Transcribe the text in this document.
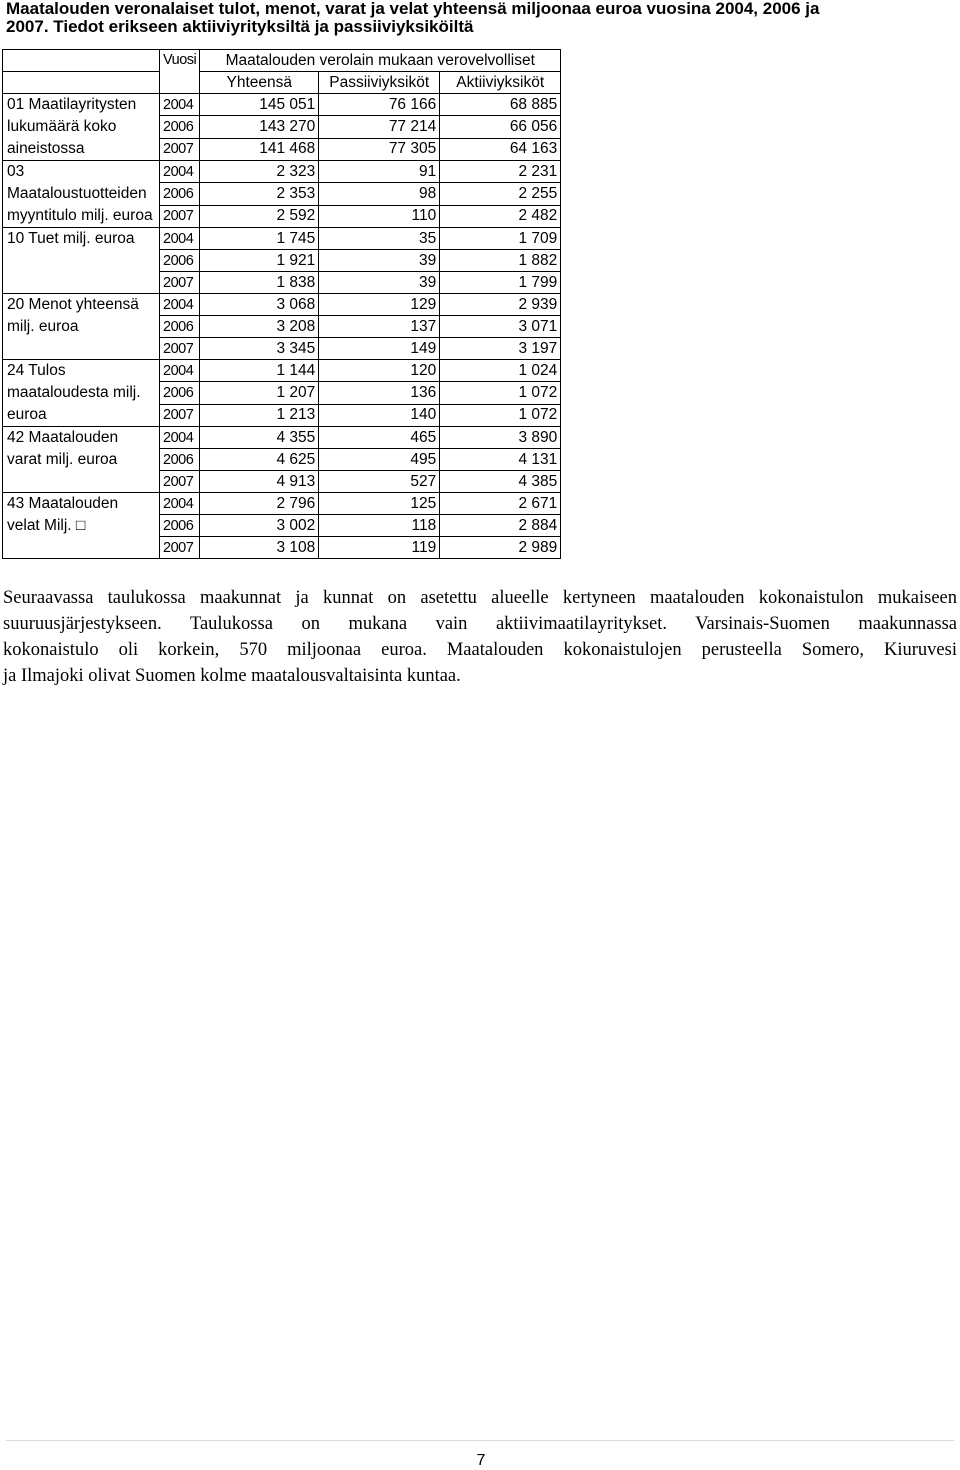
Maatalouden veronalaiset tulot, menot, varat ja velat yhteensä miljoonaa euroa vuosina 2004, 2006 ja
2007. Tiedot erikseen aktiiviyrityksiltä ja passiiviyksiköiltä
	Vuosi	Maatalouden verolain mukaan verovelvolliset		
		Yhteensä	Passiiviyksiköt	Aktiiviyksiköt
01 Maatilayritysten lukumäärä koko aineistossa	2004	145 051	76 166	68 885
	2006	143 270	77 214	66 056
	2007	141 468	77 305	64 163
03 Maataloustuotteiden myyntitulo milj. euroa	2004	2 323	91	2 231
	2006	2 353	98	2 255
	2007	2 592	110	2 482
10 Tuet milj. euroa	2004	1 745	35	1 709
	2006	1 921	39	1 882
	2007	1 838	39	1 799
20 Menot yhteensä milj. euroa	2004	3 068	129	2 939
	2006	3 208	137	3 071
	2007	3 345	149	3 197
24 Tulos maataloudesta milj. euroa	2004	1 144	120	1 024
	2006	1 207	136	1 072
	2007	1 213	140	1 072
42 Maatalouden varat milj. euroa	2004	4 355	465	3 890
	2006	4 625	495	4 131
	2007	4 913	527	4 385
43 Maatalouden velat Milj. □	2004	2 796	125	2 671
	2006	3 002	118	2 884
	2007	3 108	119	2 989
Seuraavassa taulukossa maakunnat ja kunnat on asetettu alueelle kertyneen maatalouden kokonaistulon mukaiseen
suuruusjärjestykseen. Taulukossa on mukana vain aktiivimaatilayritykset. Varsinais-Suomen maakunnassa
kokonaistulo oli korkein, 570 miljoonaa euroa. Maatalouden kokonaistulojen perusteella Somero, Kiuruvesi
ja Ilmajoki olivat Suomen kolme maatalousvaltaisinta kuntaa.
7
